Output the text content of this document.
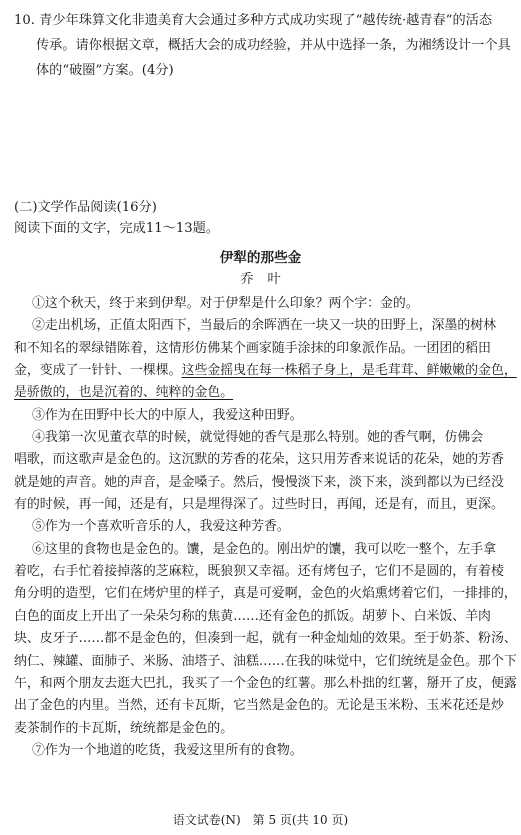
10. 青少年珠算文化非遗美育大会通过多种方式成功实现了“越传统·越青春”的活态
传承。请你根据文章，概括大会的成功经验，并从中选择一条，为湘绣设计一个具
体的“破圈”方案。(4分)
(二)文学作品阅读(16分)
阅读下面的文字，完成11～13题。
伊犁的那些金
乔叶
①这个秋天，终于来到伊犁。对于伊犁是什么印象？两个字：金的。
②走出机场，正值太阳西下，当最后的余晖洒在一块又一块的田野上，深墨的树林
和不知名的翠绿错陈着，这情形仿佛某个画家随手涂抹的印象派作品。一团团的稻田
金，变成了一针针、一棵棵。这些金摇曳在每一株稻子身上，是毛茸茸、鲜嫩嫩的金色，
是骄傲的，也是沉着的、纯粹的金色。
③作为在田野中长大的中原人，我爱这种田野。
④我第一次见董衣草的时候，就觉得她的香气是那么特别。她的香气啊，仿佛会
唱歌，而这歌声是金色的。这沉默的芳香的花朵，这只用芳香来说话的花朵，她的芳香
就是她的声音。她的声音，是金嗓子。然后，慢慢淡下来，淡下来，淡到都以为已经没
有的时候，再一闻，还是有，只是埋得深了。过些时日，再闻，还是有，而且，更深。
⑤作为一个喜欢听音乐的人，我爱这种芳香。
⑥这里的食物也是金色的。馕，是金色的。刚出炉的馕，我可以吃一整个，左手拿
着吃，右手忙着接掉落的芝麻粒，既狼狈又幸福。还有烤包子，它们不是圆的，有着棱
角分明的造型，它们在烤炉里的样子，真是可爱啊，金色的火焰熏烤着它们，一排排的，
白色的面皮上开出了一朵朵匀称的焦黄……还有金色的抓饭。胡萝卜、白米饭、羊肉
块、皮牙子……都不是金色的，但凑到一起，就有一种金灿灿的效果。至于奶茶、粉汤、
纳仁、辣罐、面肺子、米肠、油塔子、油糕……在我的味觉中，它们统统是金色。那个下
午，和两个朋友去逛大巴扎，我买了一个金色的红薯。那么朴拙的红薯，掰开了皮，便露
出了金色的内里。当然，还有卡瓦斯，它当然是金色的。无论是玉米粉、玉米花还是炒
麦茶制作的卡瓦斯，统统都是金色的。
⑦作为一个地道的吃货，我爱这里所有的食物。
语文试卷(N)　第 5 页(共 10 页)
